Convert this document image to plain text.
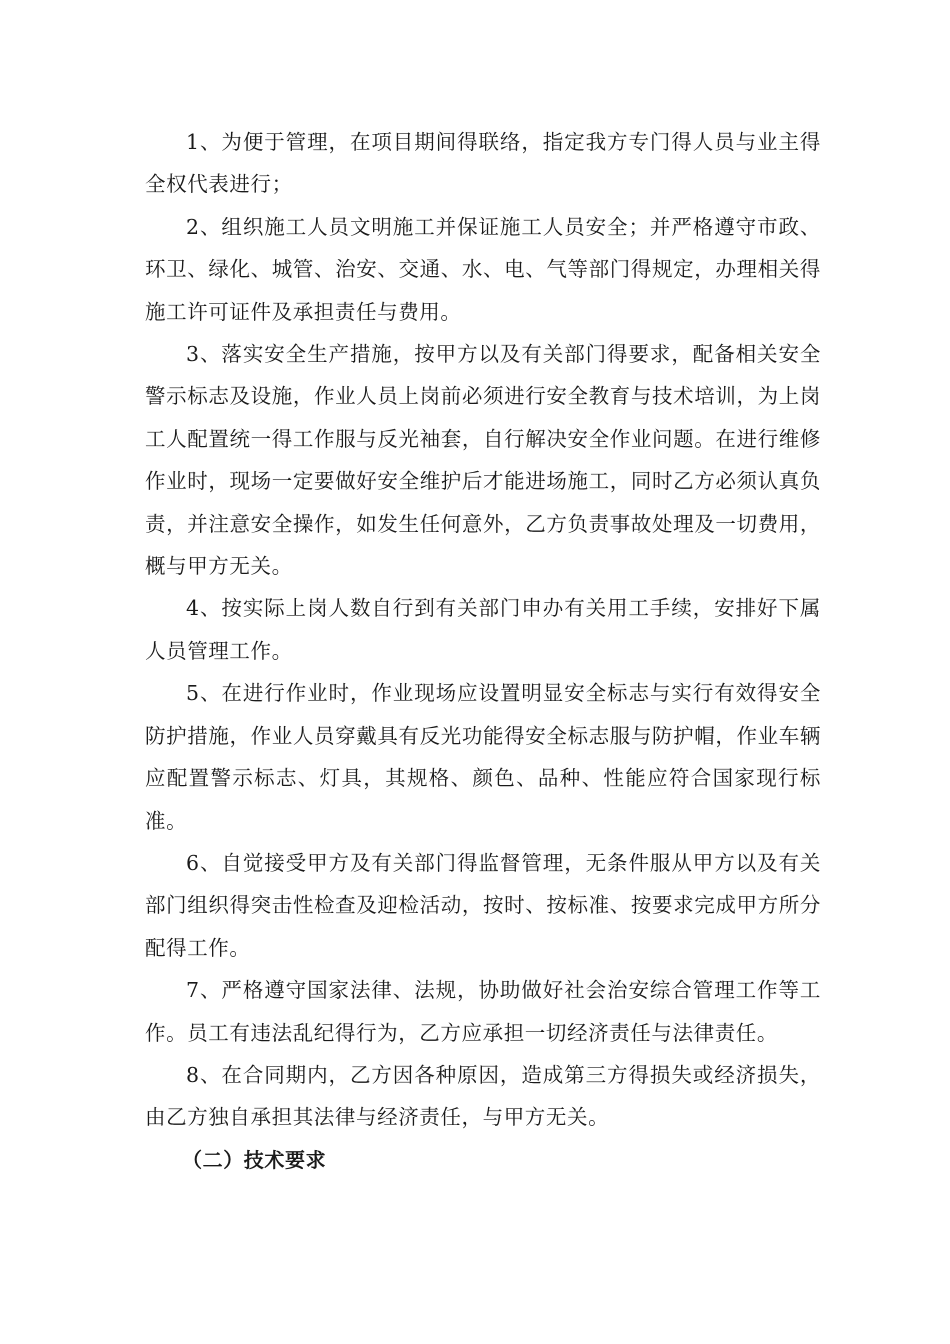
1、为便于管理，在项目期间得联络，指定我方专门得人员与业主得全权代表进行；

2、组织施工人员文明施工并保证施工人员安全；并严格遵守市政、环卫、绿化、城管、治安、交通、水、电、气等部门得规定，办理相关得施工许可证件及承担责任与费用。

3、落实安全生产措施，按甲方以及有关部门得要求，配备相关安全警示标志及设施，作业人员上岗前必须进行安全教育与技术培训，为上岗工人配置统一得工作服与反光袖套，自行解决安全作业问题。在进行维修作业时，现场一定要做好安全维护后才能进场施工，同时乙方必须认真负责，并注意安全操作，如发生任何意外，乙方负责事故处理及一切费用，概与甲方无关。

4、按实际上岗人数自行到有关部门申办有关用工手续，安排好下属人员管理工作。

5、在进行作业时，作业现场应设置明显安全标志与实行有效得安全防护措施，作业人员穿戴具有反光功能得安全标志服与防护帽，作业车辆应配置警示标志、灯具，其规格、颜色、品种、性能应符合国家现行标准。

6、自觉接受甲方及有关部门得监督管理，无条件服从甲方以及有关部门组织得突击性检查及迎检活动，按时、按标准、按要求完成甲方所分配得工作。

7、严格遵守国家法律、法规，协助做好社会治安综合管理工作等工作。员工有违法乱纪得行为，乙方应承担一切经济责任与法律责任。

8、在合同期内，乙方因各种原因，造成第三方得损失或经济损失，由乙方独自承担其法律与经济责任，与甲方无关。

（二）技术要求
